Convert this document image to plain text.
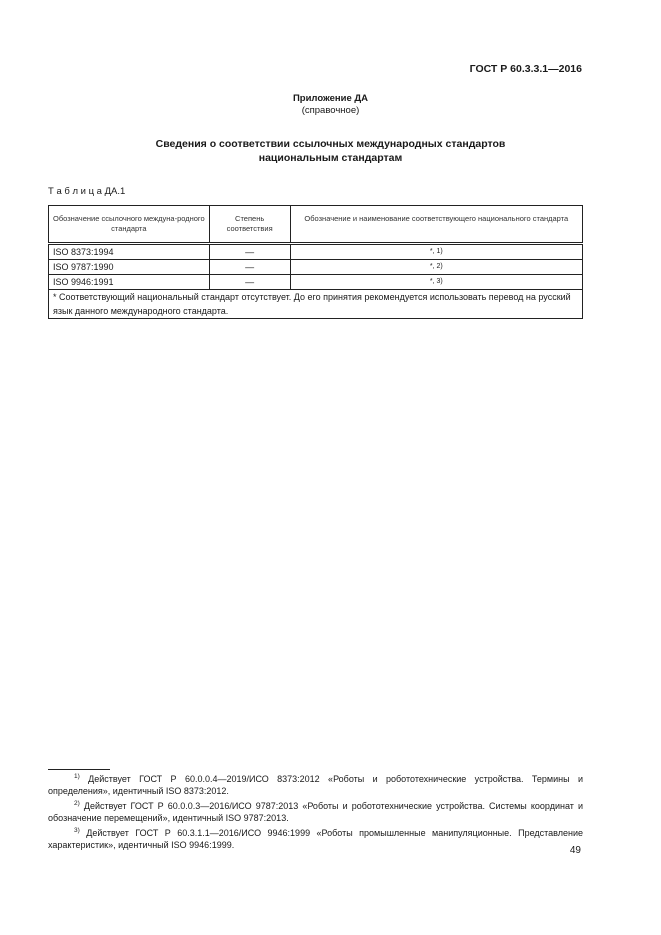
ГОСТ Р 60.3.3.1—2016
Приложение ДА
(справочное)
Сведения о соответствии ссылочных международных стандартов
национальным стандартам
Т а б л и ц а ДА.1
Обозначение ссылочного междуна-родного стандарта	Степень соответствия	Обозначение и наименование соответствующего национального стандарта
ISO 8373:1994	—	*, 1)
ISO 9787:1990	—	*, 2)
ISO 9946:1991	—	*, 3)
* Соответствующий национальный стандарт отсутствует. До его принятия рекомендуется использовать перевод на русский язык данного международного стандарта.		

$^{1)}$ Действует ГОСТ Р 60.0.0.4—2019/ИСО 8373:2012 «Роботы и робототехнические устройства. Термины и определения», идентичный ISO 8373:2012.

$^{2)}$ Действует ГОСТ Р 60.0.0.3—2016/ИСО 9787:2013 «Роботы и робототехнические устройства. Системы координат и обозначение перемещений», идентичный ISO 9787:2013.

$^{3)}$ Действует ГОСТ Р 60.3.1.1—2016/ИСО 9946:1999 «Роботы промышленные манипуляционные. Представление характеристик», идентичный ISO 9946:1999.	49
